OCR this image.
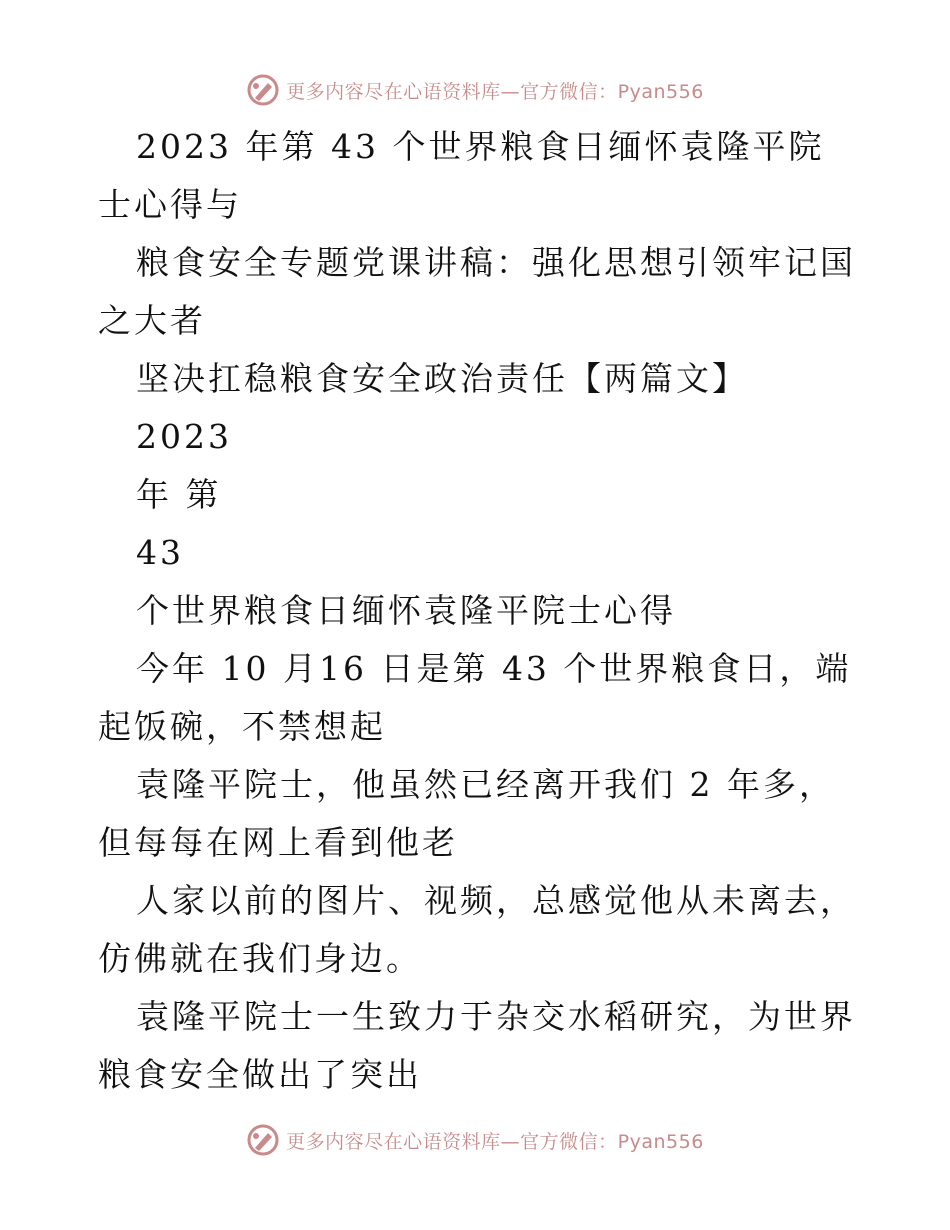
更多内容尽在心语资料库—官方微信：Pyan556

2023 年第 43 个世界粮食日缅怀袁隆平院士心得与

粮食安全专题党课讲稿：强化思想引领牢记国之大者

坚决扛稳粮食安全政治责任【两篇文】

2023

年 第

43

个世界粮食日缅怀袁隆平院士心得

今年 10 月16 日是第 43 个世界粮食日，端起饭碗，不禁想起

袁隆平院士，他虽然已经离开我们 2 年多，但每每在网上看到他老

人家以前的图片、视频，总感觉他从未离去，仿佛就在我们身边。

袁隆平院士一生致力于杂交水稻研究，为世界粮食安全做出了突出

更多内容尽在心语资料库—官方微信：Pyan556
